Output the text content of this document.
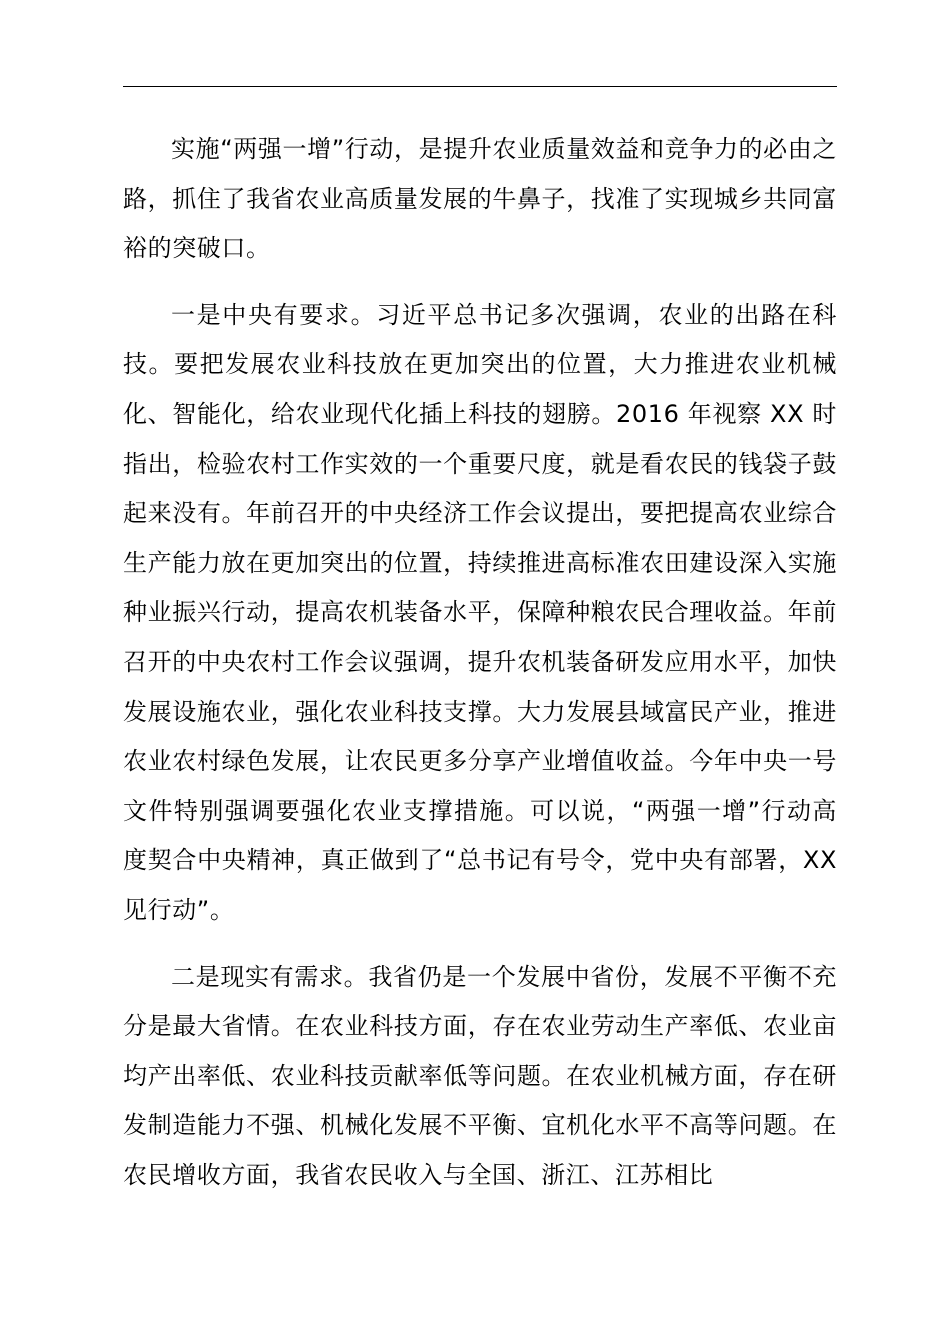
实施“两强一增”行动，是提升农业质量效益和竞争力的必由之路，抓住了我省农业高质量发展的牛鼻子，找准了实现城乡共同富裕的突破口。

一是中央有要求。习近平总书记多次强调，农业的出路在科技。要把发展农业科技放在更加突出的位置，大力推进农业机械化、智能化，给农业现代化插上科技的翅膀。2016 年视察 XX 时指出，检验农村工作实效的一个重要尺度，就是看农民的钱袋子鼓起来没有。年前召开的中央经济工作会议提出，要把提高农业综合生产能力放在更加突出的位置，持续推进高标准农田建设深入实施种业振兴行动，提高农机装备水平，保障种粮农民合理收益。年前召开的中央农村工作会议强调，提升农机装备研发应用水平，加快发展设施农业，强化农业科技支撑。大力发展县域富民产业，推进农业农村绿色发展，让农民更多分享产业增值收益。今年中央一号文件特别强调要强化农业支撑措施。可以说，“两强一增”行动高度契合中央精神，真正做到了“总书记有号令，党中央有部署，XX 见行动”。

二是现实有需求。我省仍是一个发展中省份，发展不平衡不充分是最大省情。在农业科技方面，存在农业劳动生产率低、农业亩均产出率低、农业科技贡献率低等问题。在农业机械方面，存在研发制造能力不强、机械化发展不平衡、宜机化水平不高等问题。在农民增收方面，我省农民收入与全国、浙江、江苏相比
